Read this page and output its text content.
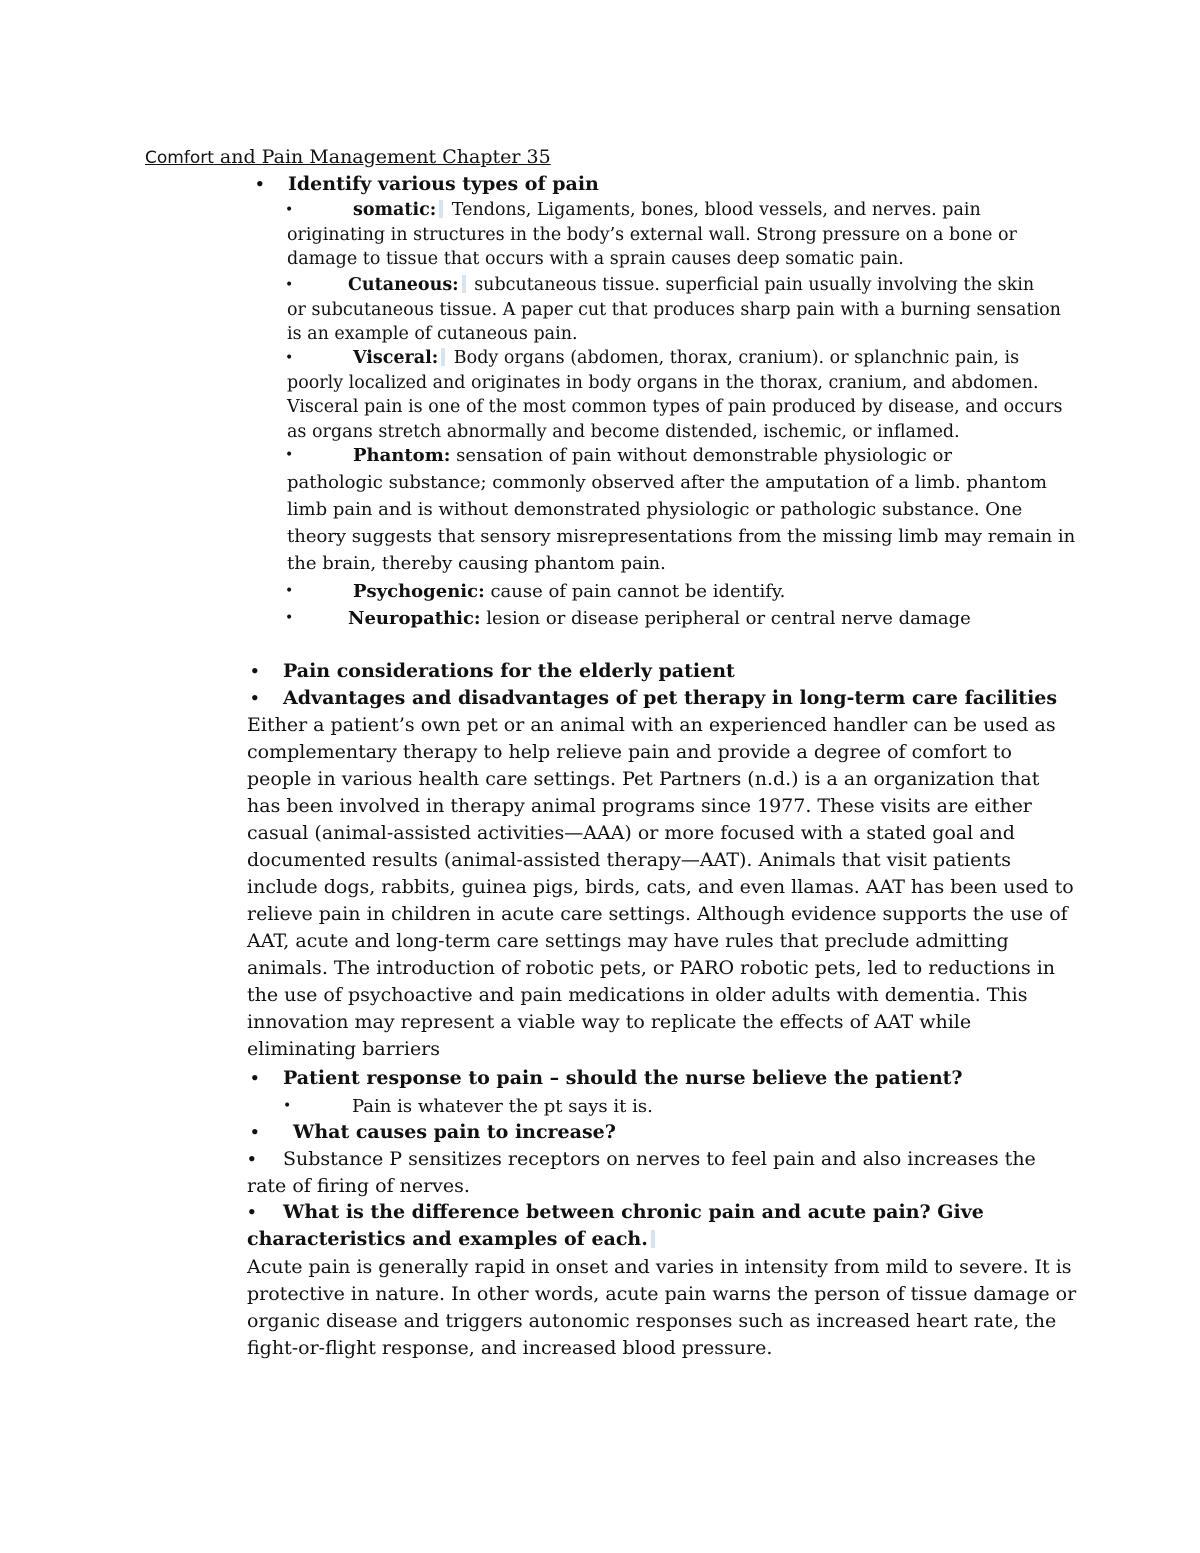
Comfort and Pain Management Chapter 35
• Identify various types of pain
•	somatic: Tendons, Ligaments, bones, blood vessels, and nerves. pain
originating in structures in the body’s external wall. Strong pressure on a bone or damage to tissue that occurs with a sprain causes deep somatic pain.
•	Cutaneous: subcutaneous tissue. superficial pain usually involving the skin
or subcutaneous tissue. A paper cut that produces sharp pain with a burning sensation is an example of cutaneous pain.
•	Visceral: Body organs (abdomen, thorax, cranium). or splanchnic pain, is
poorly localized and originates in body organs in the thorax, cranium, and abdomen. Visceral pain is one of the most common types of pain produced by disease, and occurs as organs stretch abnormally and become distended, ischemic, or inflamed.
•	Phantom: sensation of pain without demonstrable physiologic or
pathologic substance; commonly observed after the amputation of a limb. phantom limb pain and is without demonstrated physiologic or pathologic substance. One theory suggests that sensory misrepresentations from the missing limb may remain in the brain, thereby causing phantom pain.
•	Psychogenic: cause of pain cannot be identify.
•	Neuropathic: lesion or disease peripheral or central nerve damage
• Pain considerations for the elderly patient
• Advantages and disadvantages of pet therapy in long-term care facilities
Either a patient’s own pet or an animal with an experienced handler can be used as complementary therapy to help relieve pain and provide a degree of comfort to people in various health care settings. Pet Partners (n.d.) is a an organization that has been involved in therapy animal programs since 1977. These visits are either casual (animal-assisted activities—AAA) or more focused with a stated goal and documented results (animal-assisted therapy—AAT). Animals that visit patients include dogs, rabbits, guinea pigs, birds, cats, and even llamas. AAT has been used to relieve pain in children in acute care settings. Although evidence supports the use of AAT, acute and long-term care settings may have rules that preclude admitting animals. The introduction of robotic pets, or PARO robotic pets, led to reductions in the use of psychoactive and pain medications in older adults with dementia. This innovation may represent a viable way to replicate the effects of AAT while eliminating barriers
• Patient response to pain – should the nurse believe the patient?
•	Pain is whatever the pt says it is.
• What causes pain to increase?
• Substance P sensitizes receptors on nerves to feel pain and also increases the rate of firing of nerves.
• What is the difference between chronic pain and acute pain? Give characteristics and examples of each.
Acute pain is generally rapid in onset and varies in intensity from mild to severe. It is protective in nature. In other words, acute pain warns the person of tissue damage or organic disease and triggers autonomic responses such as increased heart rate, the fight-or-flight response, and increased blood pressure.
